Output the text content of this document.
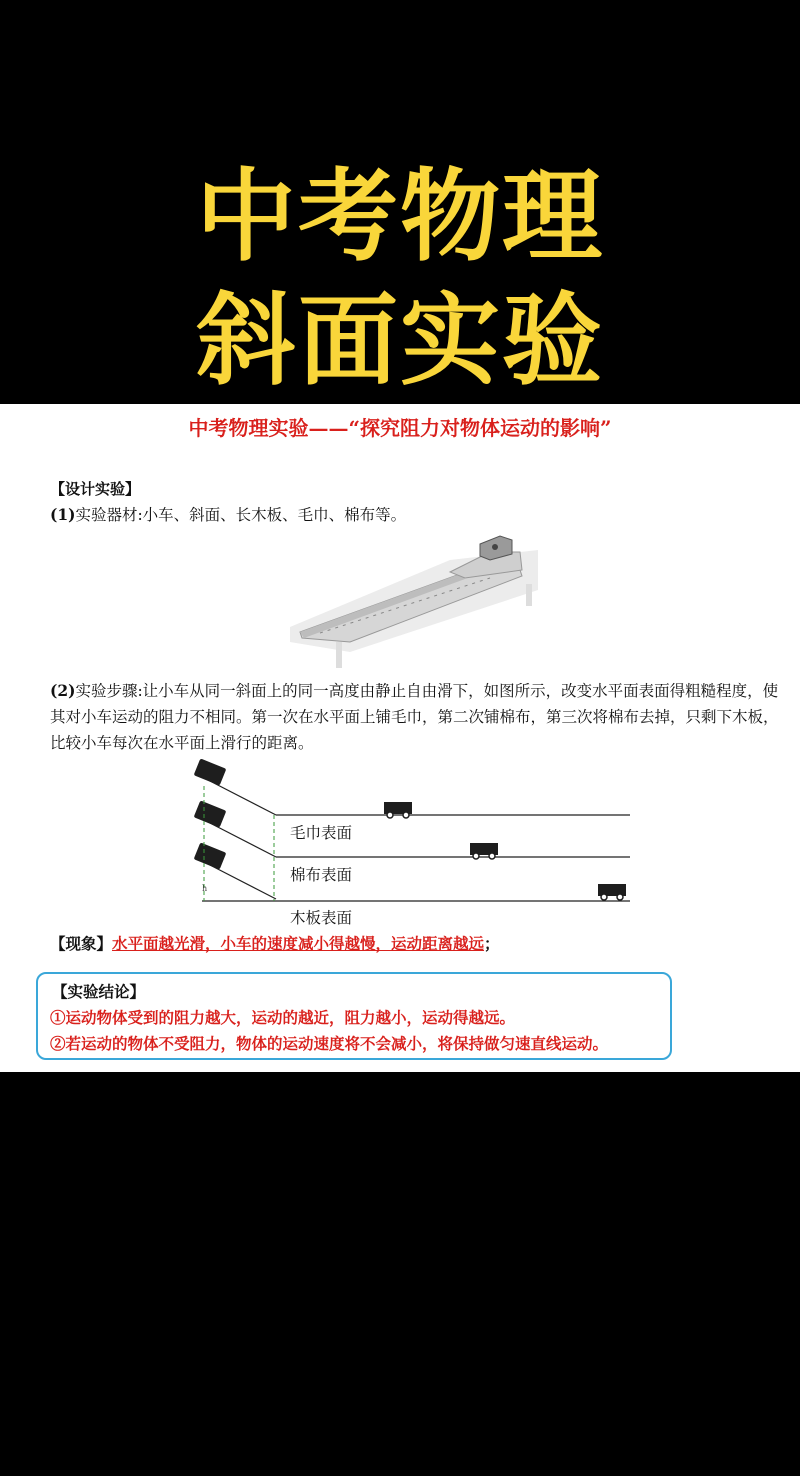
中考物理
斜面实验
中考物理实验——“探究阻力对物体运动的影响”
【设计实验】
(1)实验器材:小车、斜面、长木板、毛巾、棉布等。
(2)实验步骤:让小车从同一斜面上的同一高度由静止自由滑下，如图所示，改变水平面表面得粗糙程度，使其对小车运动的阻力不相同。第一次在水平面上铺毛巾，第二次铺棉布，第三次将棉布去掉，只剩下木板，比较小车每次在水平面上滑行的距离。
h
毛巾表面
棉布表面
木板表面
【现象】水平面越光滑，小车的速度减小得越慢，运动距离越远；
【实验结论】
①运动物体受到的阻力越大，运动的越近，阻力越小，运动得越远。
②若运动的物体不受阻力，物体的运动速度将不会减小，将保持做匀速直线运动。
